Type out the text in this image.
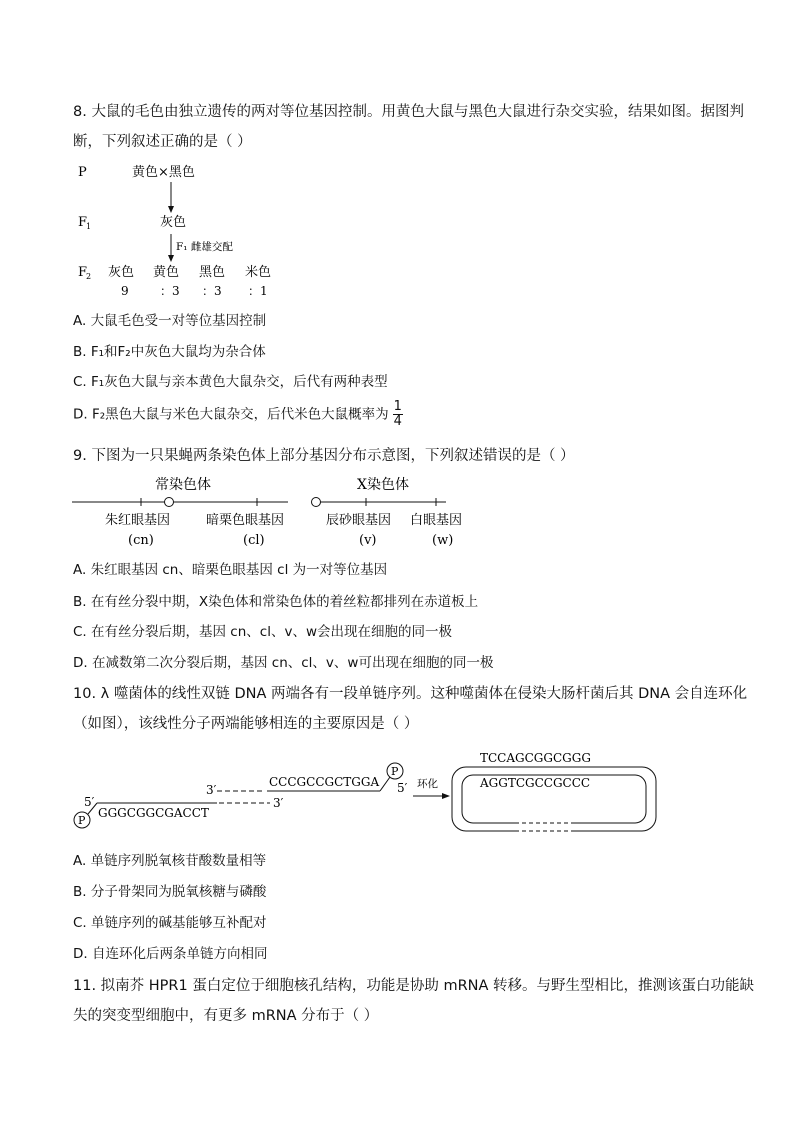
8. 大鼠的毛色由独立遗传的两对等位基因控制。用黄色大鼠与黑色大鼠进行杂交实验，结果如图。据图判
断，下列叙述正确的是（ ）
P	黄色×黑色
F
1	灰色
F₁ 雌雄交配
F
2 灰色 黄色 黑色 米色
9	：3 ：3 ：1
A. 大鼠毛色受一对等位基因控制
B. F₁和F₂中灰色大鼠均为杂合体
C. F₁灰色大鼠与亲本黄色大鼠杂交，后代有两种表型
D. F₂黑色大鼠与米色大鼠杂交，后代米色大鼠概率为 $\frac{1}{4}$
9. 下图为一只果蝇两条染色体上部分基因分布示意图，下列叙述错误的是（ ）
常染色体	X染色体
朱红眼基因
(cn)
暗栗色眼基因
(cl)
辰砂眼基因
(v)
白眼基因
(w)
A. 朱红眼基因 cn、暗栗色眼基因 cl 为一对等位基因
B. 在有丝分裂中期，X染色体和常染色体的着丝粒都排列在赤道板上
C. 在有丝分裂后期，基因 cn、cl、v、w会出现在细胞的同一极
D. 在减数第二次分裂后期，基因 cn、cl、v、w可出现在细胞的同一极
10. λ 噬菌体的线性双链 DNA 两端各有一段单链序列。这种噬菌体在侵染大肠杆菌后其 DNA 会自连环化
（如图），该线性分子两端能够相连的主要原因是（ ）
3′
CCCGCCGCTGGA
P
5′
5′
P
GGGCGGCGACCT
3′
环化
TCCAGCGGCGGG
AGGTCGCCGCCC
A. 单链序列脱氧核苷酸数量相等
B. 分子骨架同为脱氧核糖与磷酸
C. 单链序列的碱基能够互补配对
D. 自连环化后两条单链方向相同
11. 拟南芥 HPR1 蛋白定位于细胞核孔结构，功能是协助 mRNA 转移。与野生型相比，推测该蛋白功能缺
失的突变型细胞中，有更多 mRNA 分布于（ ）
